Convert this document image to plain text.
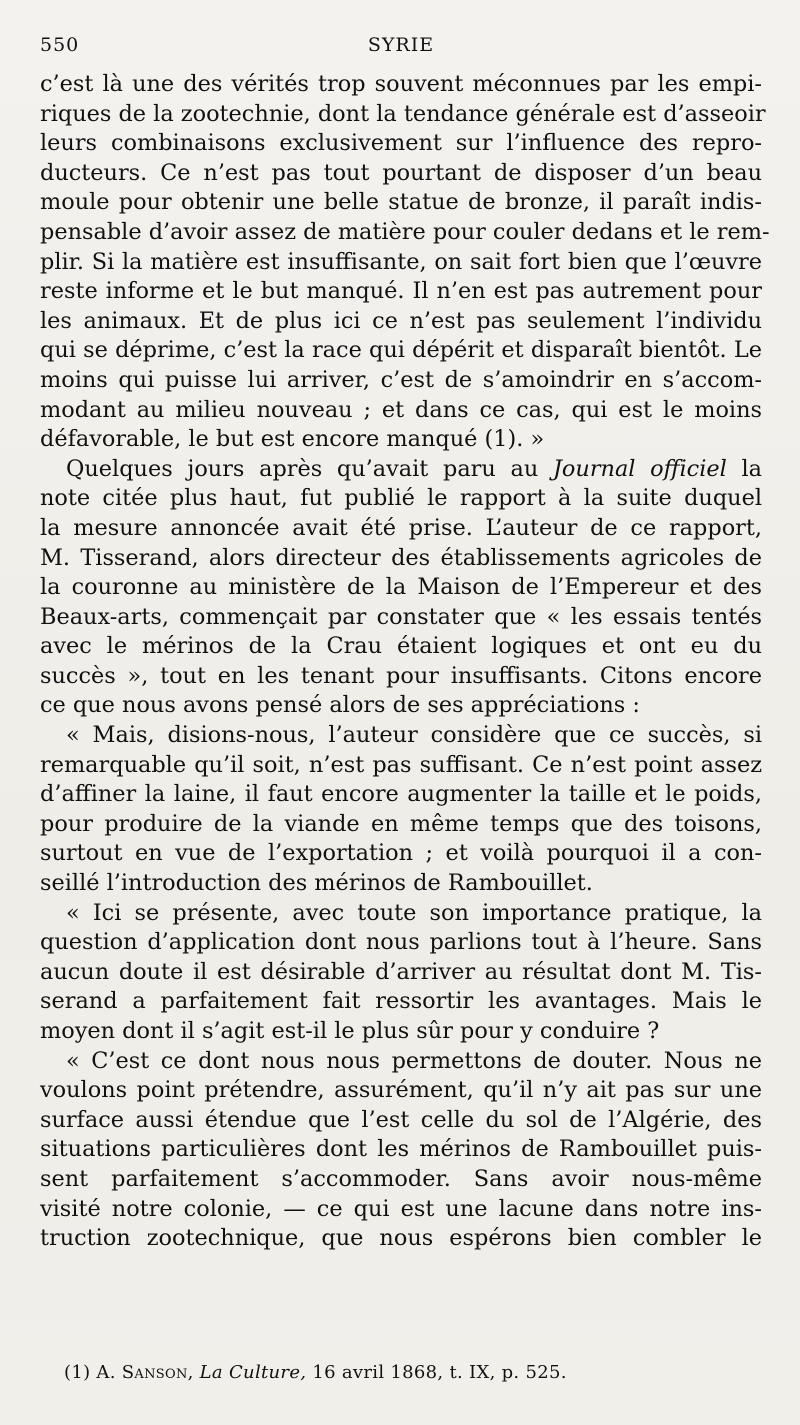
550	SYRIE
c’est là une des vérités trop souvent méconnues par les empi-
riques de la zootechnie, dont la tendance générale est d’asseoir
leurs combinaisons exclusivement sur l’influence des repro-
ducteurs. Ce n’est pas tout pourtant de disposer d’un beau
moule pour obtenir une belle statue de bronze, il paraît indis-
pensable d’avoir assez de matière pour couler dedans et le rem-
plir. Si la matière est insuffisante, on sait fort bien que l’œuvre
reste informe et le but manqué. Il n’en est pas autrement pour
les animaux. Et de plus ici ce n’est pas seulement l’individu
qui se déprime, c’est la race qui dépérit et disparaît bientôt. Le
moins qui puisse lui arriver, c’est de s’amoindrir en s’accom-
modant au milieu nouveau ; et dans ce cas, qui est le moins
défavorable, le but est encore manqué (1). »
Quelques jours après qu’avait paru au Journal officiel la
note citée plus haut, fut publié le rapport à la suite duquel
la mesure annoncée avait été prise. L’auteur de ce rapport,
M. Tisserand, alors directeur des établissements agricoles de
la couronne au ministère de la Maison de l’Empereur et des
Beaux-arts, commençait par constater que « les essais tentés
avec le mérinos de la Crau étaient logiques et ont eu du
succès », tout en les tenant pour insuffisants. Citons encore
ce que nous avons pensé alors de ses appréciations :
« Mais, disions-nous, l’auteur considère que ce succès, si
remarquable qu’il soit, n’est pas suffisant. Ce n’est point assez
d’affiner la laine, il faut encore augmenter la taille et le poids,
pour produire de la viande en même temps que des toisons,
surtout en vue de l’exportation ; et voilà pourquoi il a con-
seillé l’introduction des mérinos de Rambouillet.
« Ici se présente, avec toute son importance pratique, la
question d’application dont nous parlions tout à l’heure. Sans
aucun doute il est désirable d’arriver au résultat dont M. Tis-
serand a parfaitement fait ressortir les avantages. Mais le
moyen dont il s’agit est-il le plus sûr pour y conduire ?
« C’est ce dont nous nous permettons de douter. Nous ne
voulons point prétendre, assurément, qu’il n’y ait pas sur une
surface aussi étendue que l’est celle du sol de l’Algérie, des
situations particulières dont les mérinos de Rambouillet puis-
sent parfaitement s’accommoder. Sans avoir nous-même
visité notre colonie, — ce qui est une lacune dans notre ins-
truction zootechnique, que nous espérons bien combler le
(1) A. Sanson, La Culture, 16 avril 1868, t. IX, p. 525.
